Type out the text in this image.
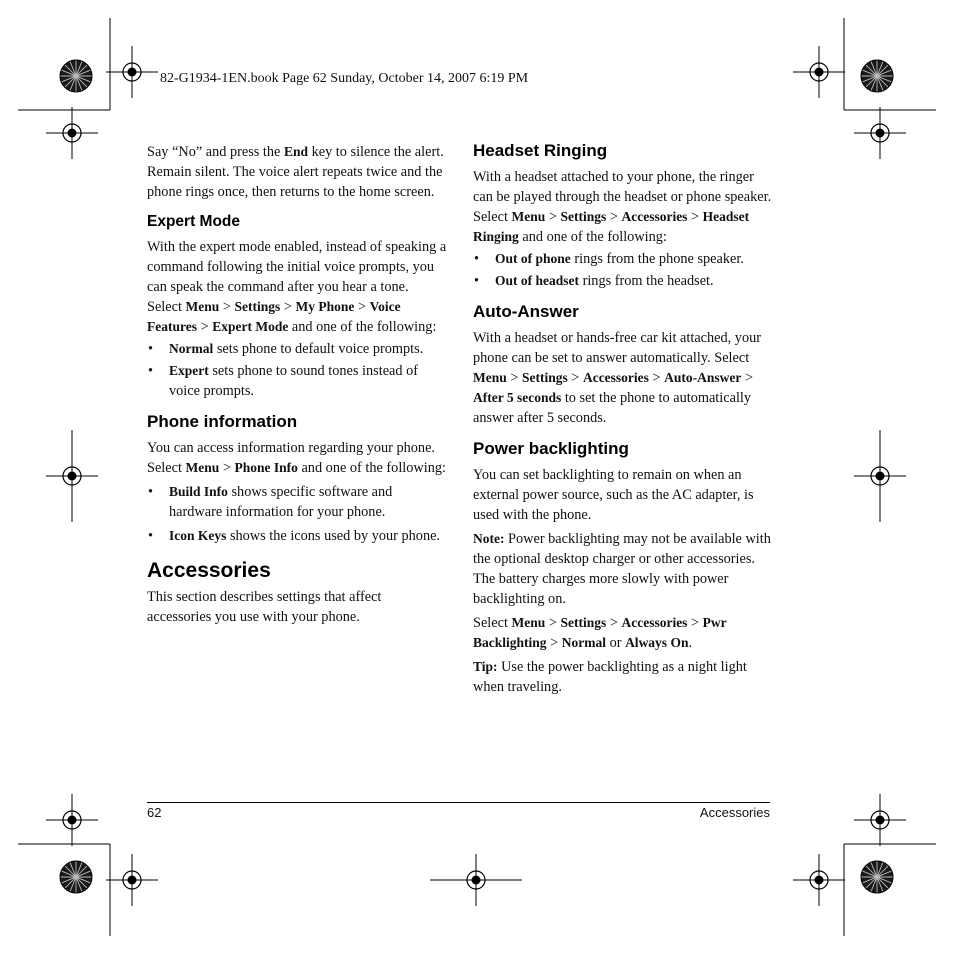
82-G1934-1EN.book Page 62 Sunday, October 14, 2007 6:19 PM

Say “No” and press the End key to silence the alert. Remain silent. The voice alert repeats twice and the phone rings once, then returns to the home screen.

Expert Mode

With the expert mode enabled, instead of speaking a command following the initial voice prompts, you can speak the command after you hear a tone. Select Menu > Settings > My Phone > Voice Features > Expert Mode and one of the following:

• Normal sets phone to default voice prompts.
• Expert sets phone to sound tones instead of voice prompts.
Phone information

You can access information regarding your phone. Select Menu > Phone Info and one of the following:

• Build Info shows specific software and hardware information for your phone.
• Icon Keys shows the icons used by your phone.
Accessories

This section describes settings that affect accessories you use with your phone.

Headset Ringing

With a headset attached to your phone, the ringer can be played through the headset or phone speaker. Select Menu > Settings > Accessories > Headset Ringing and one of the following:

• Out of phone rings from the phone speaker.
• Out of headset rings from the headset.
Auto-Answer

With a headset or hands-free car kit attached, your phone can be set to answer automatically. Select Menu > Settings > Accessories > Auto-Answer > After 5 seconds to set the phone to automatically answer after 5 seconds.

Power backlighting

You can set backlighting to remain on when an external power source, such as the AC adapter, is used with the phone.

Note: Power backlighting may not be available with the optional desktop charger or other accessories. The battery charges more slowly with power backlighting on.

Select Menu > Settings > Accessories > Pwr Backlighting > Normal or Always On.

Tip: Use the power backlighting as a night light when traveling.

62	Accessories
